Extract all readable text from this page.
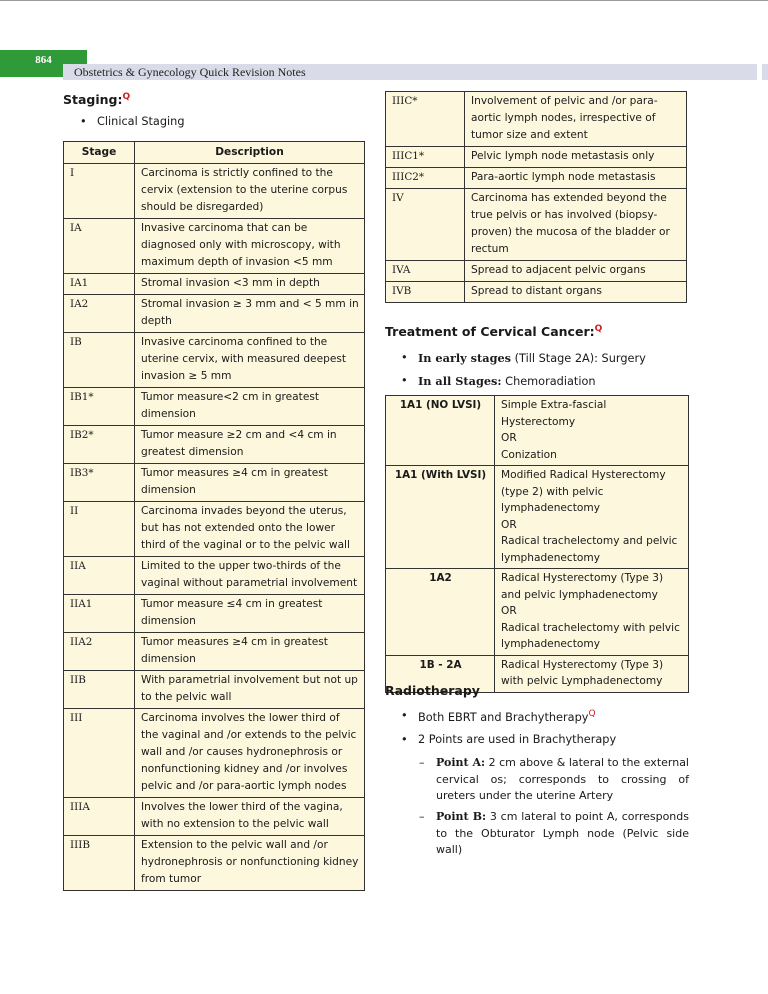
864
Obstetrics & Gynecology Quick Revision Notes
Staging:$^Q$
• Clinical Staging
Stage	Description
I	Carcinoma is strictly confined to the cervix (extension to the uterine corpus should be disregarded)
IA	Invasive carcinoma that can be diagnosed only with microscopy, with maximum depth of invasion <5 mm
IA1	Stromal invasion <3 mm in depth
IA2	Stromal invasion ≥ 3 mm and < 5 mm in depth
IB	Invasive carcinoma confined to the uterine cervix, with measured deepest invasion ≥ 5 mm
IB1*	Tumor measure<2 cm in greatest dimension
IB2*	Tumor measure ≥2 cm and <4 cm in greatest dimension
IB3*	Tumor measures ≥4 cm in greatest dimension
II	Carcinoma invades beyond the uterus, but has not extended onto the lower third of the vaginal or to the pelvic wall
IIA	Limited to the upper two-thirds of the vaginal without parametrial involvement
IIA1	Tumor measure ≤4 cm in greatest dimension
IIA2	Tumor measures ≥4 cm in greatest dimension
IIB	With parametrial involvement but not up to the pelvic wall
III	Carcinoma involves the lower third of the vaginal and /or extends to the pelvic wall and /or causes hydronephrosis or nonfunctioning kidney and /or involves pelvic and /or para-aortic lymph nodes
IIIA	Involves the lower third of the vagina, with no extension to the pelvic wall
IIIB	Extension to the pelvic wall and /or hydronephrosis or nonfunctioning kidney from tumor
IIIC*	Involvement of pelvic and /or para-aortic lymph nodes, irrespective of tumor size and extent
IIIC1*	Pelvic lymph node metastasis only
IIIC2*	Para-aortic lymph node metastasis
IV	Carcinoma has extended beyond the true pelvis or has involved (biopsy-proven) the mucosa of the bladder or rectum
IVA	Spread to adjacent pelvic organs
IVB	Spread to distant organs
Treatment of Cervical Cancer:$^Q$
• In early stages (Till Stage 2A): Surgery
• In all Stages: Chemoradiation
1A1 (NO LVSI)	Simple Extra-fascial Hysterectomy
OR
Conization

1A1 (With LVSI)	Modified Radical Hysterectomy (type 2) with pelvic lymphadenectomy
OR
Radical trachelectomy and pelvic lymphadenectomy

1A2	Radical Hysterectomy (Type 3) and pelvic lymphadenectomy
OR
Radical trachelectomy with pelvic lymphadenectomy

1B - 2A	Radical Hysterectomy (Type 3) with pelvic Lymphadenectomy
Radiotherapy
• Both EBRT and Brachytherapy$^Q$
• 2 Points are used in Brachytherapy
– Point A: 2 cm above & lateral to the external cervical os; corresponds to crossing of ureters under the uterine Artery
– Point B: 3 cm lateral to point A, corresponds to the Obturator Lymph node (Pelvic side wall)
